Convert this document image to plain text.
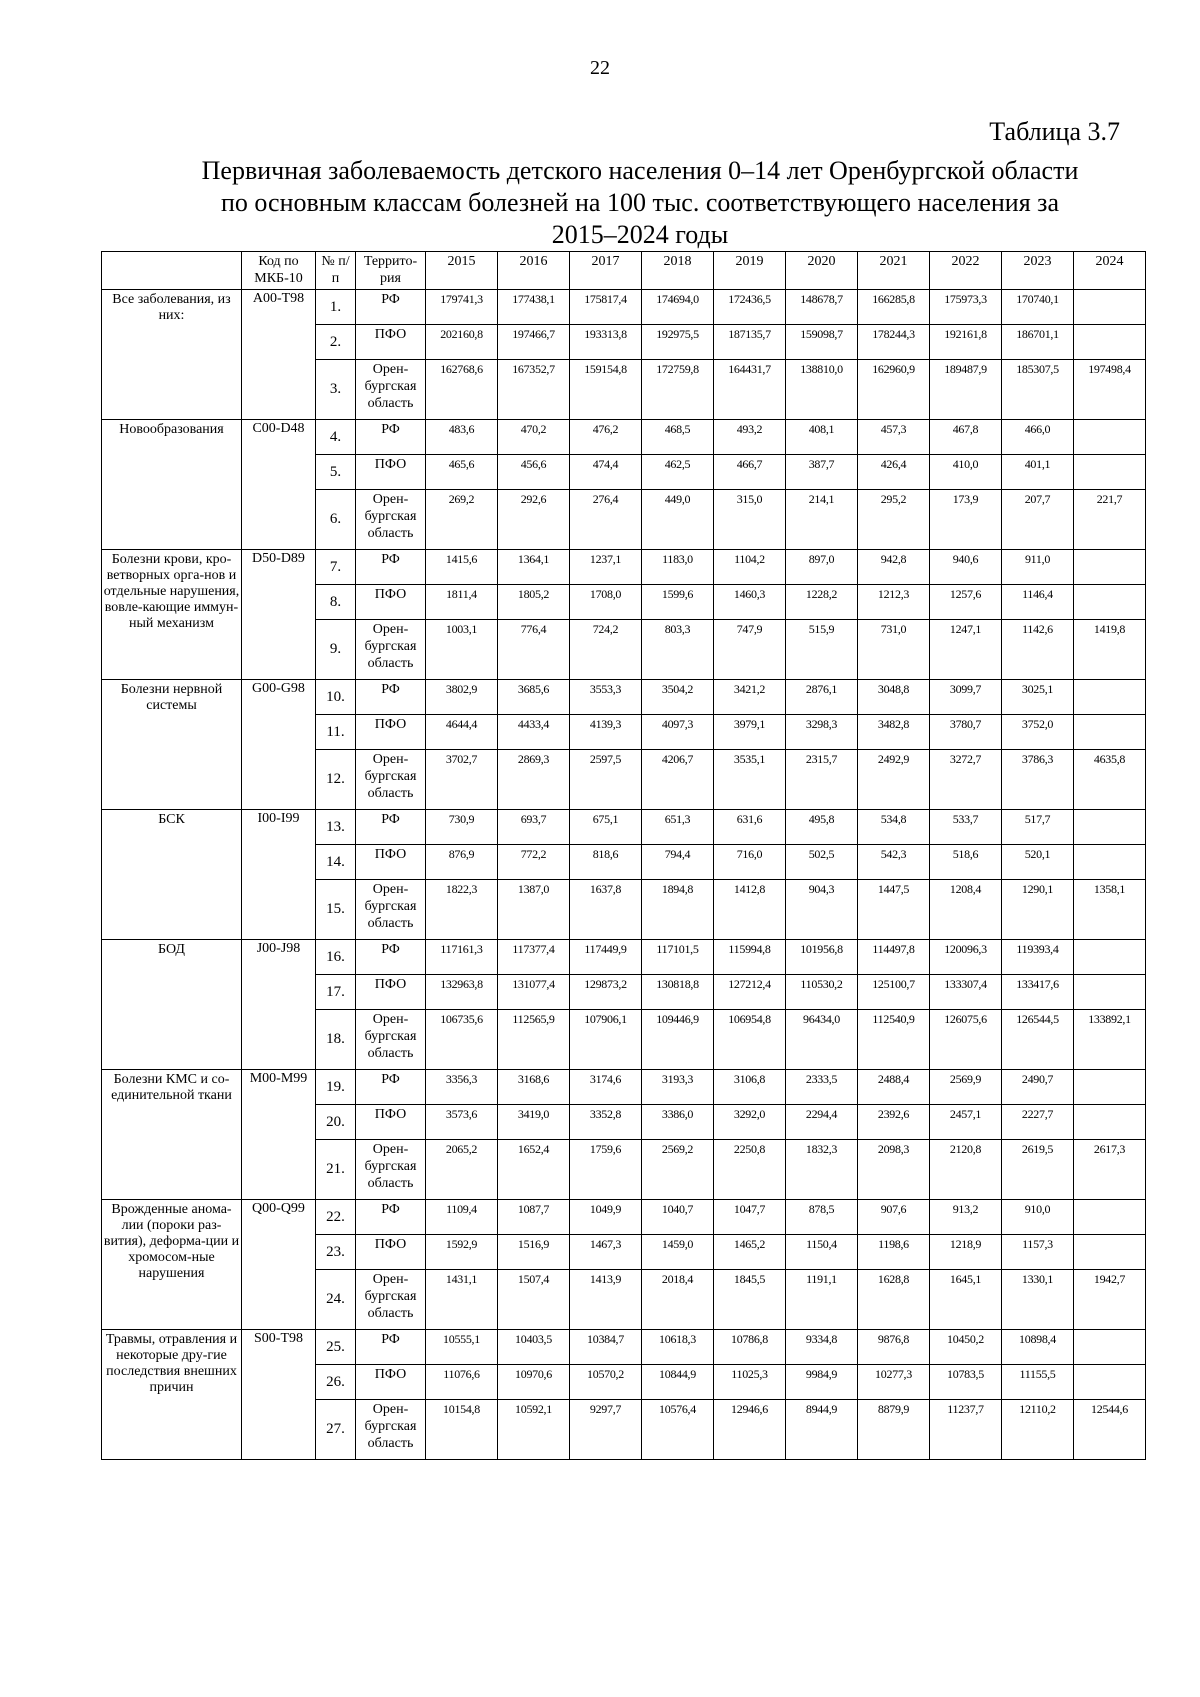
22
Таблица 3.7
Первичная заболеваемость детского населения 0–14 лет Оренбургской области по основным классам болезней на 100 тыс. соответствующего населения за 2015–2024 годы
	Код по МКБ-10	№ п/п	Террито-рия	2015	2016	2017	2018	2019	2020	2021	2022	2023	2024
Все заболевания, из них:	A00-T98	1.	РФ	179741,3	177438,1	175817,4	174694,0	172436,5	148678,7	166285,8	175973,3	170740,1	
		2.	ПФО	202160,8	197466,7	193313,8	192975,5	187135,7	159098,7	178244,3	192161,8	186701,1	
		3.	Орен-бургская область	162768,6	167352,7	159154,8	172759,8	164431,7	138810,0	162960,9	189487,9	185307,5	197498,4
Новообразования	C00-D48	4.	РФ	483,6	470,2	476,2	468,5	493,2	408,1	457,3	467,8	466,0	
		5.	ПФО	465,6	456,6	474,4	462,5	466,7	387,7	426,4	410,0	401,1	
		6.	Орен-бургская область	269,2	292,6	276,4	449,0	315,0	214,1	295,2	173,9	207,7	221,7
Болезни крови, кро-ветворных орга-нов и отдельные нарушения, вовле-кающие иммун-ный механизм	D50-D89	7.	РФ	1415,6	1364,1	1237,1	1183,0	1104,2	897,0	942,8	940,6	911,0	
		8.	ПФО	1811,4	1805,2	1708,0	1599,6	1460,3	1228,2	1212,3	1257,6	1146,4	
		9.	Орен-бургская область	1003,1	776,4	724,2	803,3	747,9	515,9	731,0	1247,1	1142,6	1419,8
Болезни нервной системы	G00-G98	10.	РФ	3802,9	3685,6	3553,3	3504,2	3421,2	2876,1	3048,8	3099,7	3025,1	
		11.	ПФО	4644,4	4433,4	4139,3	4097,3	3979,1	3298,3	3482,8	3780,7	3752,0	
		12.	Орен-бургская область	3702,7	2869,3	2597,5	4206,7	3535,1	2315,7	2492,9	3272,7	3786,3	4635,8
БСК	I00-I99	13.	РФ	730,9	693,7	675,1	651,3	631,6	495,8	534,8	533,7	517,7	
		14.	ПФО	876,9	772,2	818,6	794,4	716,0	502,5	542,3	518,6	520,1	
		15.	Орен-бургская область	1822,3	1387,0	1637,8	1894,8	1412,8	904,3	1447,5	1208,4	1290,1	1358,1
БОД	J00-J98	16.	РФ	117161,3	117377,4	117449,9	117101,5	115994,8	101956,8	114497,8	120096,3	119393,4	
		17.	ПФО	132963,8	131077,4	129873,2	130818,8	127212,4	110530,2	125100,7	133307,4	133417,6	
		18.	Орен-бургская область	106735,6	112565,9	107906,1	109446,9	106954,8	96434,0	112540,9	126075,6	126544,5	133892,1
Болезни КМС и со-единительной ткани	M00-M99	19.	РФ	3356,3	3168,6	3174,6	3193,3	3106,8	2333,5	2488,4	2569,9	2490,7	
		20.	ПФО	3573,6	3419,0	3352,8	3386,0	3292,0	2294,4	2392,6	2457,1	2227,7	
		21.	Орен-бургская область	2065,2	1652,4	1759,6	2569,2	2250,8	1832,3	2098,3	2120,8	2619,5	2617,3
Врожденные анома-лии (пороки раз-вития), деформа-ции и хромосом-ные нарушения	Q00-Q99	22.	РФ	1109,4	1087,7	1049,9	1040,7	1047,7	878,5	907,6	913,2	910,0	
		23.	ПФО	1592,9	1516,9	1467,3	1459,0	1465,2	1150,4	1198,6	1218,9	1157,3	
		24.	Орен-бургская область	1431,1	1507,4	1413,9	2018,4	1845,5	1191,1	1628,8	1645,1	1330,1	1942,7
Травмы, отравления и некоторые дру-гие последствия внешних причин	S00-T98	25.	РФ	10555,1	10403,5	10384,7	10618,3	10786,8	9334,8	9876,8	10450,2	10898,4	
		26.	ПФО	11076,6	10970,6	10570,2	10844,9	11025,3	9984,9	10277,3	10783,5	11155,5	
		27.	Орен-бургская область	10154,8	10592,1	9297,7	10576,4	12946,6	8944,9	8879,9	11237,7	12110,2	12544,6
